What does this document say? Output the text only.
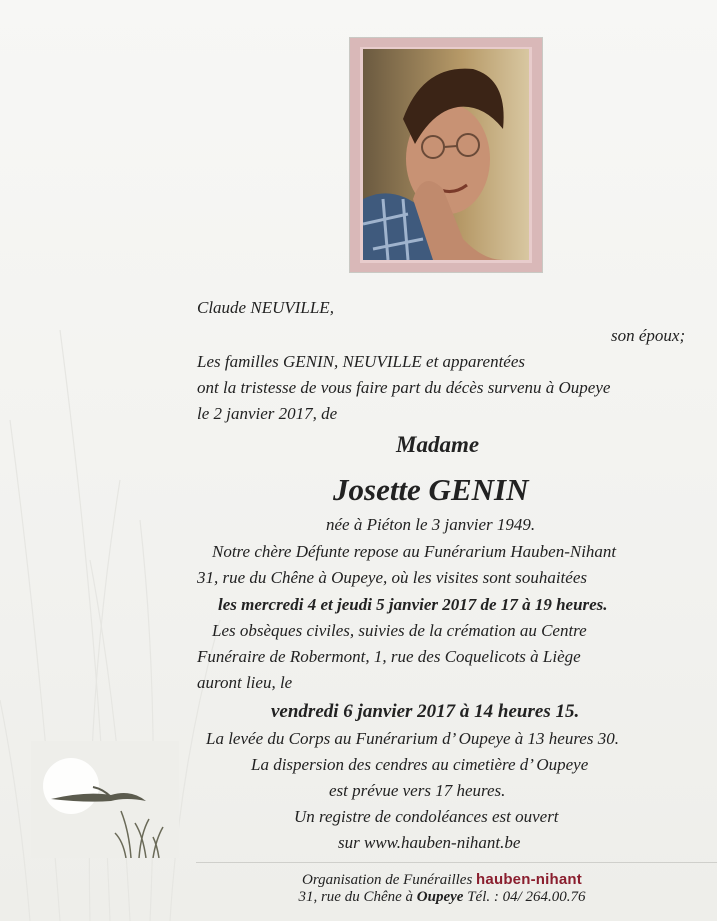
Claude NEUVILLE,
son époux;
Les familles GENIN, NEUVILLE et apparentées
ont la tristesse de vous faire part du décès survenu à Oupeye
le 2 janvier 2017, de
Madame
Josette GENIN
née à Piéton le 3 janvier 1949.
Notre chère Défunte repose au Funérarium Hauben-Nihant
31, rue du Chêne à Oupeye, où les visites sont souhaitées
les mercredi 4 et jeudi 5 janvier 2017 de 17 à 19 heures.
Les obsèques civiles, suivies de la crémation au Centre
Funéraire de Robermont, 1, rue des Coquelicots à Liège
auront lieu, le
vendredi 6 janvier 2017 à 14 heures 15.
La levée du Corps au Funérarium d’ Oupeye à 13 heures 30.
La dispersion des cendres au cimetière d’ Oupeye
est prévue vers 17 heures.
Un registre de condoléances est ouvert
sur www.hauben-nihant.be
Organisation de Funérailles hauben-nihant
31, rue du Chêne à Oupeye Tél. : 04/ 264.00.76
